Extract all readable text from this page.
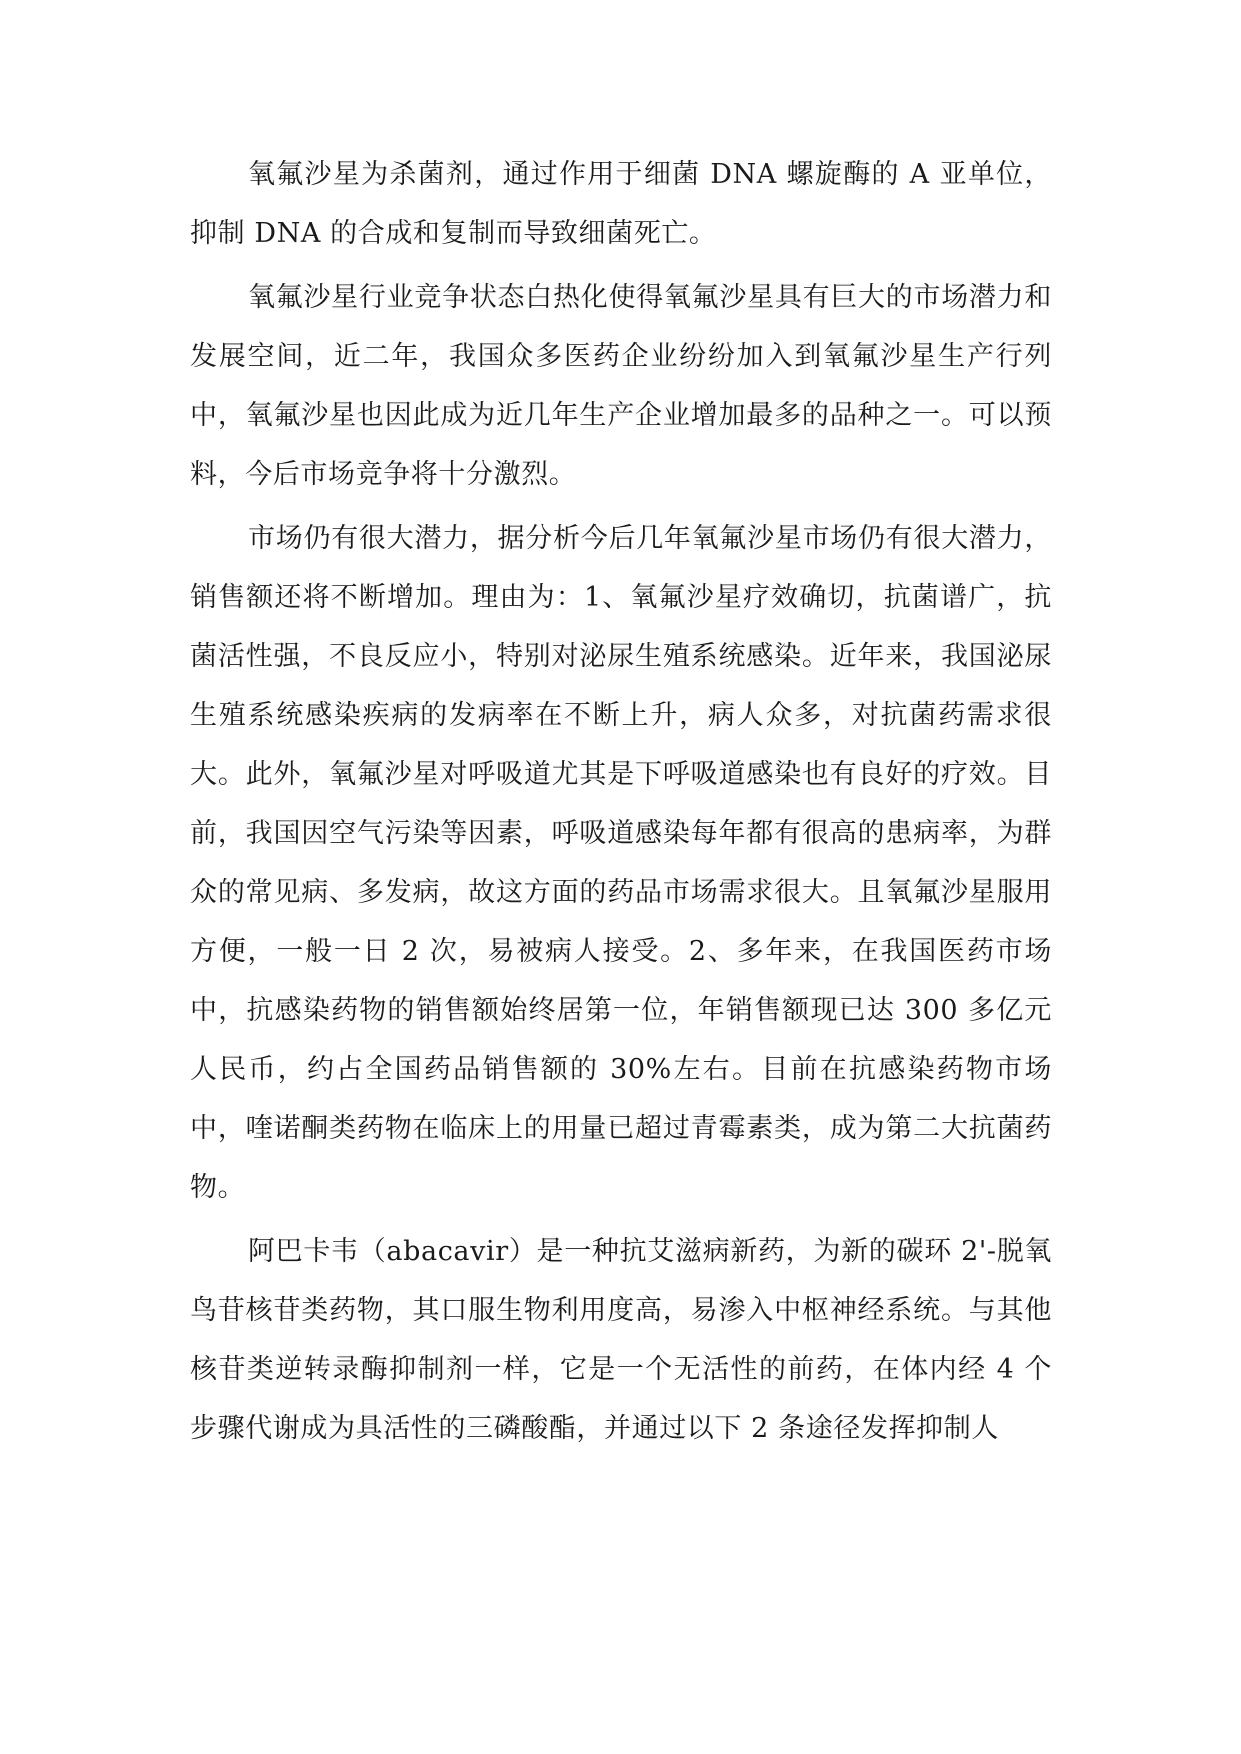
氧氟沙星为杀菌剂，通过作用于细菌 DNA 螺旋酶的 A 亚单位，抑制 DNA 的合成和复制而导致细菌死亡。

氧氟沙星行业竞争状态白热化使得氧氟沙星具有巨大的市场潜力和发展空间，近二年，我国众多医药企业纷纷加入到氧氟沙星生产行列中，氧氟沙星也因此成为近几年生产企业增加最多的品种之一。可以预料，今后市场竞争将十分激烈。

市场仍有很大潜力，据分析今后几年氧氟沙星市场仍有很大潜力，销售额还将不断增加。理由为：1、氧氟沙星疗效确切，抗菌谱广，抗菌活性强，不良反应小，特别对泌尿生殖系统感染。近年来，我国泌尿生殖系统感染疾病的发病率在不断上升，病人众多，对抗菌药需求很大。此外，氧氟沙星对呼吸道尤其是下呼吸道感染也有良好的疗效。目前，我国因空气污染等因素，呼吸道感染每年都有很高的患病率，为群众的常见病、多发病，故这方面的药品市场需求很大。且氧氟沙星服用方便，一般一日 2 次，易被病人接受。2、多年来，在我国医药市场中，抗感染药物的销售额始终居第一位，年销售额现已达 300 多亿元人民币，约占全国药品销售额的 30%左右。目前在抗感染药物市场中，喹诺酮类药物在临床上的用量已超过青霉素类，成为第二大抗菌药物。

阿巴卡韦（abacavir）是一种抗艾滋病新药，为新的碳环 2'-脱氧鸟苷核苷类药物，其口服生物利用度高，易渗入中枢神经系统。与其他核苷类逆转录酶抑制剂一样，它是一个无活性的前药，在体内经 4 个步骤代谢成为具活性的三磷酸酯，并通过以下 2 条途径发挥抑制人
